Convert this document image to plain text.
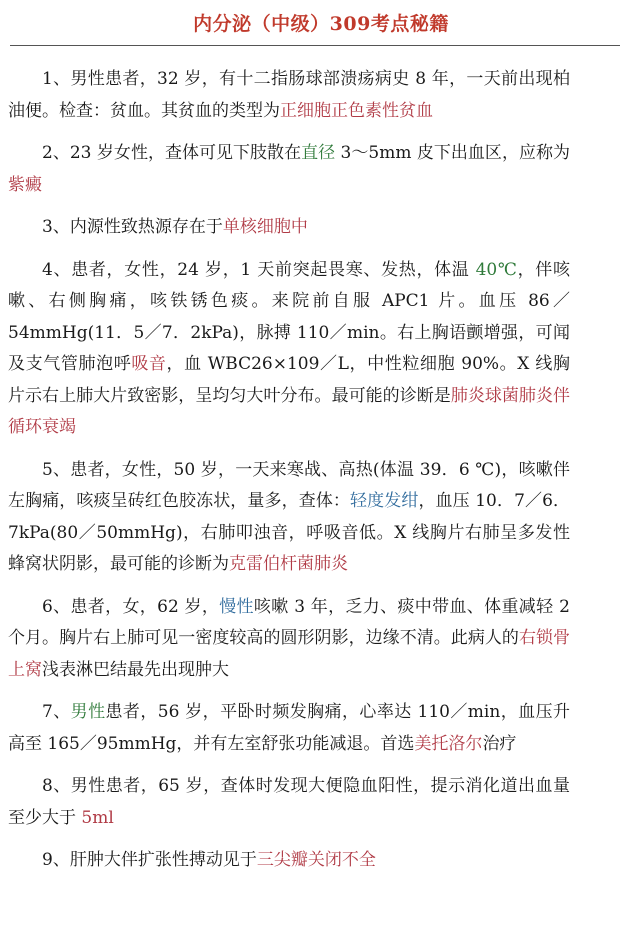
内分泌（中级）309考点秘籍

1、男性患者，32 岁，有十二指肠球部溃疡病史 8 年，一天前出现柏油便。检查：贫血。其贫血的类型为正细胞正色素性贫血

2、23 岁女性，查体可见下肢散在直径 3～5mm 皮下出血区，应称为紫癜

3、内源性致热源存在于单核细胞中

4、患者，女性，24 岁，1 天前突起畏寒、发热，体温 40℃，伴咳嗽、右侧胸痛，咳铁锈色痰。来院前自服 APC1 片。血压 86／54mmHg(11．5／7．2kPa)，脉搏 110／min。右上胸语颤增强，可闻及支气管肺泡呼吸音，血 WBC26×109／L，中性粒细胞 90%。X 线胸片示右上肺大片致密影，呈均匀大叶分布。最可能的诊断是肺炎球菌肺炎伴循环衰竭

5、患者，女性，50 岁，一天来寒战、高热(体温 39．6 ℃)，咳嗽伴左胸痛，咳痰呈砖红色胶冻状，量多，查体：轻度发绀，血压 10．7／6．7kPa(80／50mmHg)，右肺叩浊音，呼吸音低。X 线胸片右肺呈多发性蜂窝状阴影，最可能的诊断为克雷伯杆菌肺炎

6、患者，女，62 岁，慢性咳嗽 3 年，乏力、痰中带血、体重减轻 2 个月。胸片右上肺可见一密度较高的圆形阴影，边缘不清。此病人的右锁骨上窝浅表淋巴结最先出现肿大

7、男性患者，56 岁，平卧时频发胸痛，心率达 110／min，血压升高至 165／95mmHg，并有左室舒张功能减退。首选美托洛尔治疗

8、男性患者，65 岁，查体时发现大便隐血阳性，提示消化道出血量至少大于 5ml

9、肝肿大伴扩张性搏动见于三尖瓣关闭不全
